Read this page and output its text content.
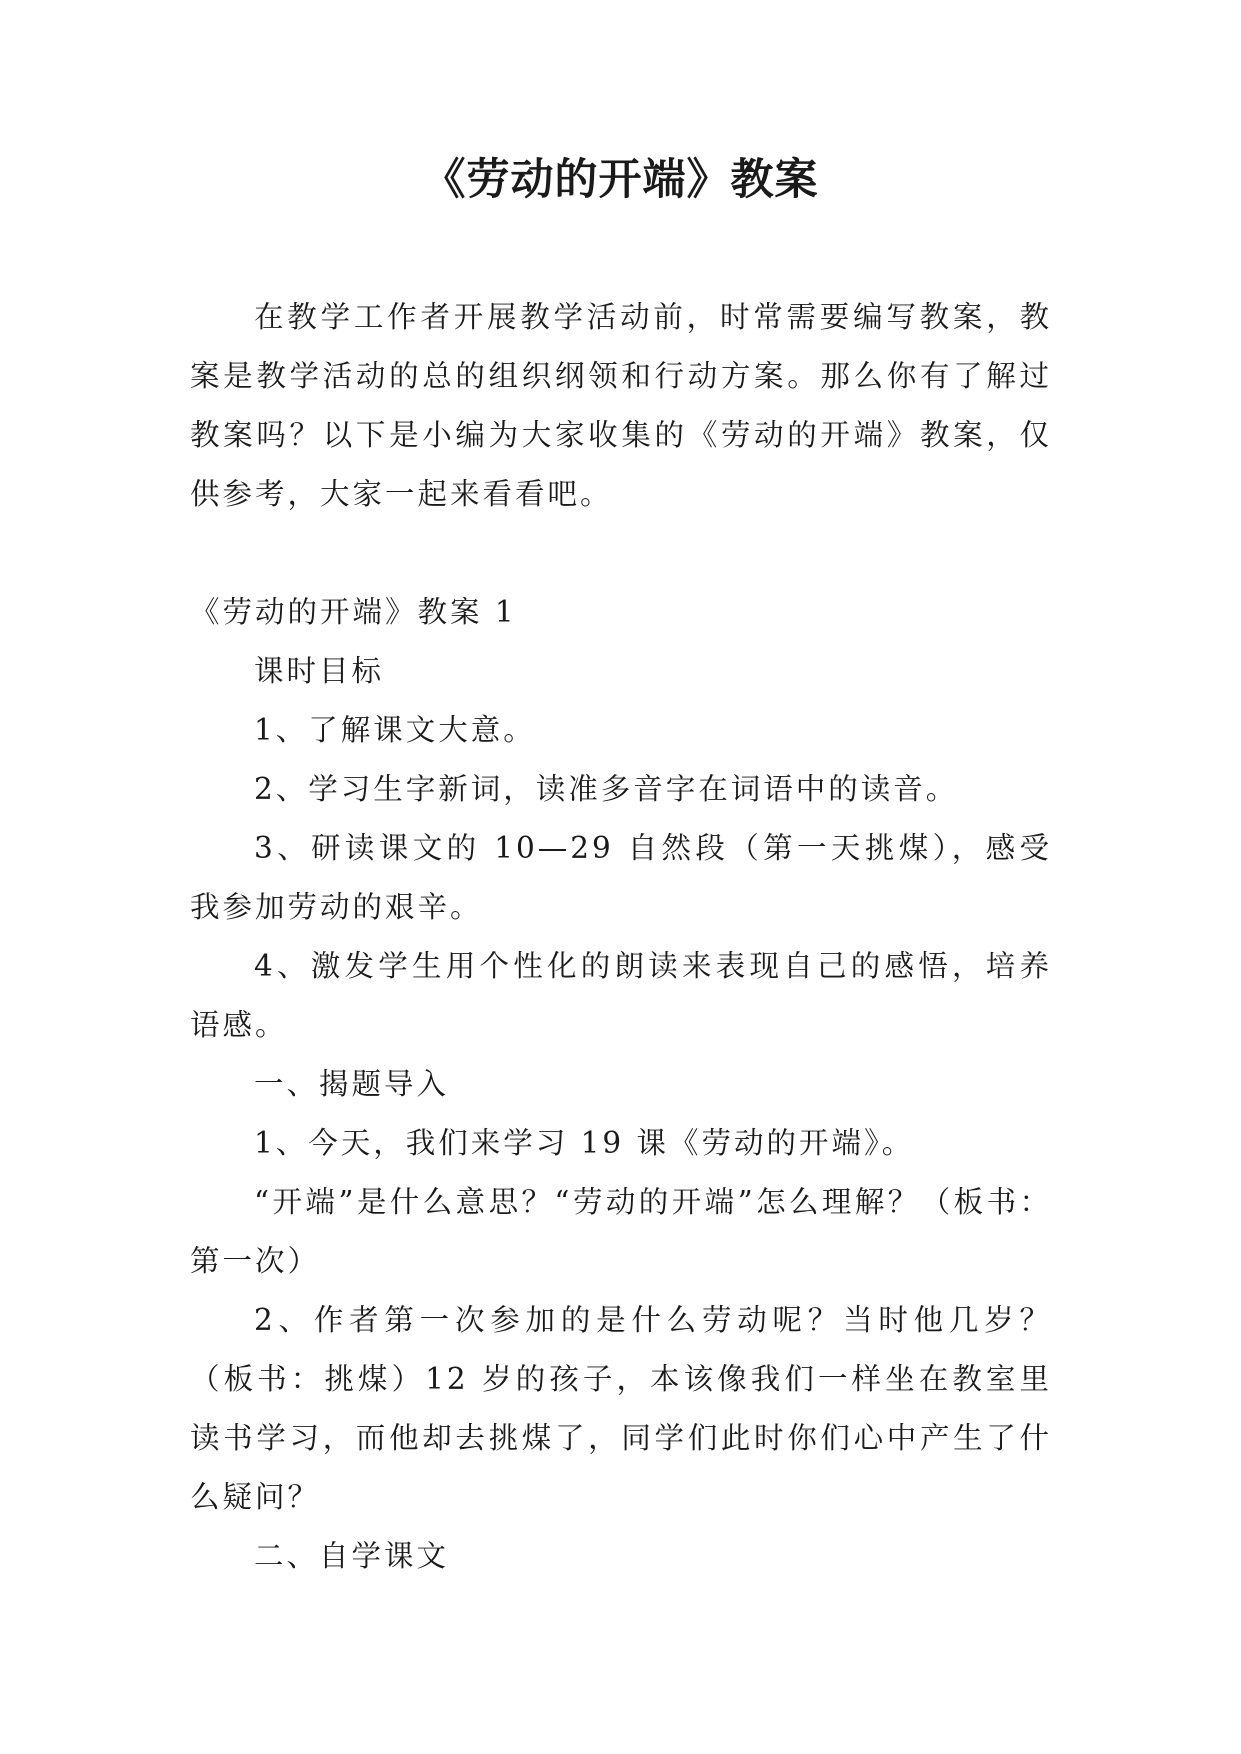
《劳动的开端》教案

在教学工作者开展教学活动前，时常需要编写教案，教案是教学活动的总的组织纲领和行动方案。那么你有了解过教案吗？以下是小编为大家收集的《劳动的开端》教案，仅供参考，大家一起来看看吧。

《劳动的开端》教案 1

课时目标

1、了解课文大意。

2、学习生字新词，读准多音字在词语中的读音。

3、研读课文的 10—29 自然段（第一天挑煤），感受我参加劳动的艰辛。

4、激发学生用个性化的朗读来表现自己的感悟，培养语感。

一、揭题导入

1、今天，我们来学习 19 课《劳动的开端》。

“开端”是什么意思？“劳动的开端”怎么理解？（板书：第一次）

2、作者第一次参加的是什么劳动呢？当时他几岁？（板书：挑煤）12 岁的孩子，本该像我们一样坐在教室里读书学习，而他却去挑煤了，同学们此时你们心中产生了什么疑问？

二、自学课文
